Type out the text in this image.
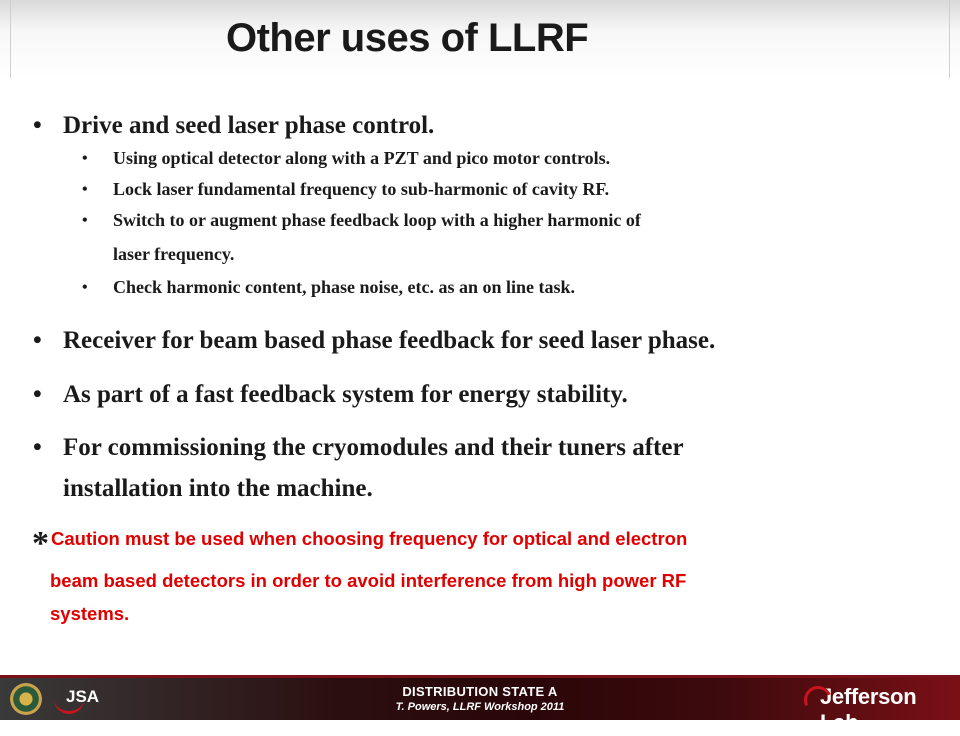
Other uses of LLRF
• Drive and seed laser phase control.
• Using optical detector along with a PZT and pico motor controls.
• Lock laser fundamental frequency to sub-harmonic of cavity RF.
• Switch to or augment phase feedback loop with a higher harmonic of
laser frequency.
• Check harmonic content, phase noise, etc. as an on line task.
• Receiver for beam based phase feedback for seed laser phase.
• As part of a fast feedback system for energy stability.
• For commissioning the cryomodules and their tuners after
installation into the machine.
* Caution must be used when choosing frequency for optical and electron
beam based detectors in order to avoid interference from high power RF
systems.
JSA	DISTRIBUTION STATE A
T. Powers, LLRF Workshop 2011	Jefferson Lab
